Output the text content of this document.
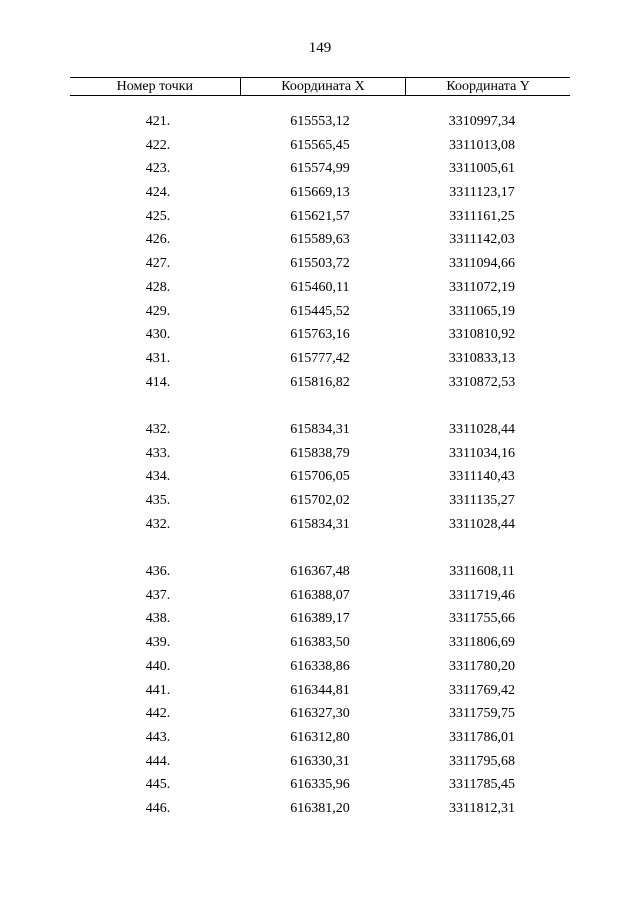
149
Номер точки	Координата X	Координата Y
421.	615553,12	3310997,34
422.	615565,45	3311013,08
423.	615574,99	3311005,61
424.	615669,13	3311123,17
425.	615621,57	3311161,25
426.	615589,63	3311142,03
427.	615503,72	3311094,66
428.	615460,11	3311072,19
429.	615445,52	3311065,19
430.	615763,16	3310810,92
431.	615777,42	3310833,13
414.	615816,82	3310872,53
432.	615834,31	3311028,44
433.	615838,79	3311034,16
434.	615706,05	3311140,43
435.	615702,02	3311135,27
432.	615834,31	3311028,44
436.	616367,48	3311608,11
437.	616388,07	3311719,46
438.	616389,17	3311755,66
439.	616383,50	3311806,69
440.	616338,86	3311780,20
441.	616344,81	3311769,42
442.	616327,30	3311759,75
443.	616312,80	3311786,01
444.	616330,31	3311795,68
445.	616335,96	3311785,45
446.	616381,20	3311812,31
